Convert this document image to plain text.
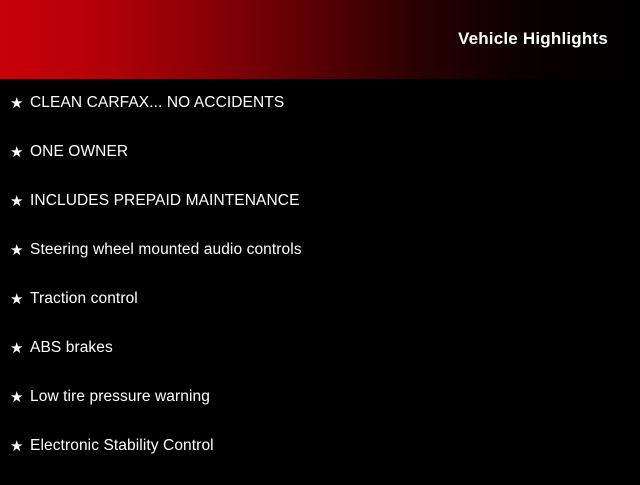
Vehicle Highlights
★ CLEAN CARFAX... NO ACCIDENTS
★ ONE OWNER
★ INCLUDES PREPAID MAINTENANCE
★ Steering wheel mounted audio controls
★ Traction control
★ ABS brakes
★ Low tire pressure warning
★ Electronic Stability Control
